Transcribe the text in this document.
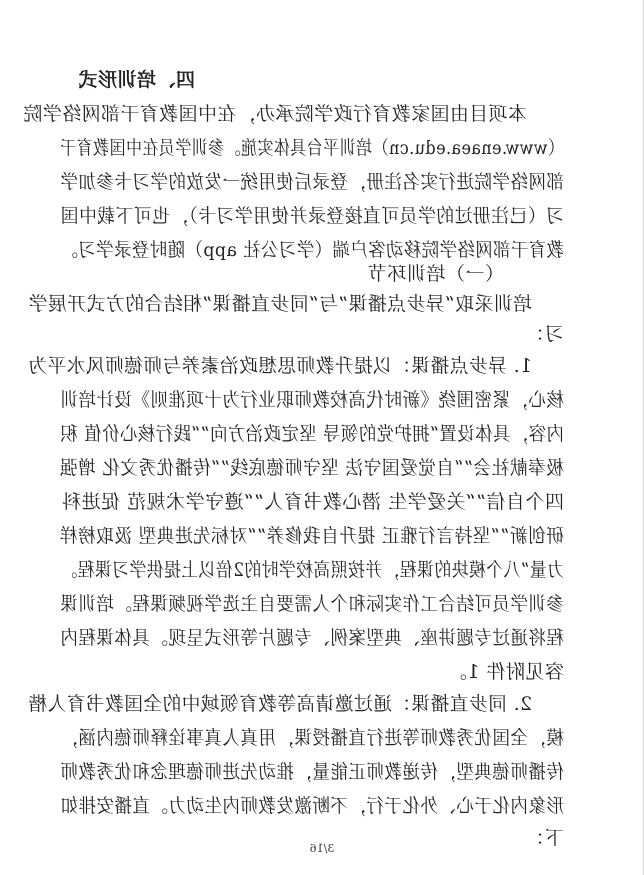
四、培训形式
本项目由国家教育行政学院承办，在中国教育干部网络学院
（www.enaea.edu.cn）培训平台具体实施。参训学员在中国教育干
部网络学院进行实名注册，登录后使用统一发放的学习卡参加学
习（已注册过的学员可直接登录并使用学习卡），也可下载中国
教育干部网络学院移动客户端（学习公社 app）随时登录学习。
（一）培训环节
培训采取“异步点播课”与“同步直播课”相结合的方式开展学
习：
1. 异步点播课：以提升教师思想政治素养与师德师风水平为
核心，紧密围绕《新时代高校教师职业行为十项准则》设计培训
内容，具体设置“拥护党的领导 坚定政治方向”“践行核心价值 积
极奉献社会”“自觉爱国守法 坚守师德底线”“传播优秀文化 增强
四个自信”“关爱学生 潜心教书育人”“遵守学术规范 促进科
研创新”“坚持言行雅正 提升自我修养”“对标先进典型 汲取榜样
力量”八个模块的课程，并按照高校学时的2倍以上提供学习课程。
参训学员可结合工作实际和个人需要自主选学视频课程。培训课
程将通过专题讲座、典型案例、专题片等形式呈现。具体课程内
容见附件 1。
2. 同步直播课：通过邀请高等教育领域中的全国教书育人楷
模，全国优秀教师等进行直播授课，用真人真事诠释师德内涵，
传播师德典型，传递教师正能量，推动先进师德理念和优秀教师
形象内化于心、外化于行，不断激发教师内生动力。直播安排如
下：
3/16
